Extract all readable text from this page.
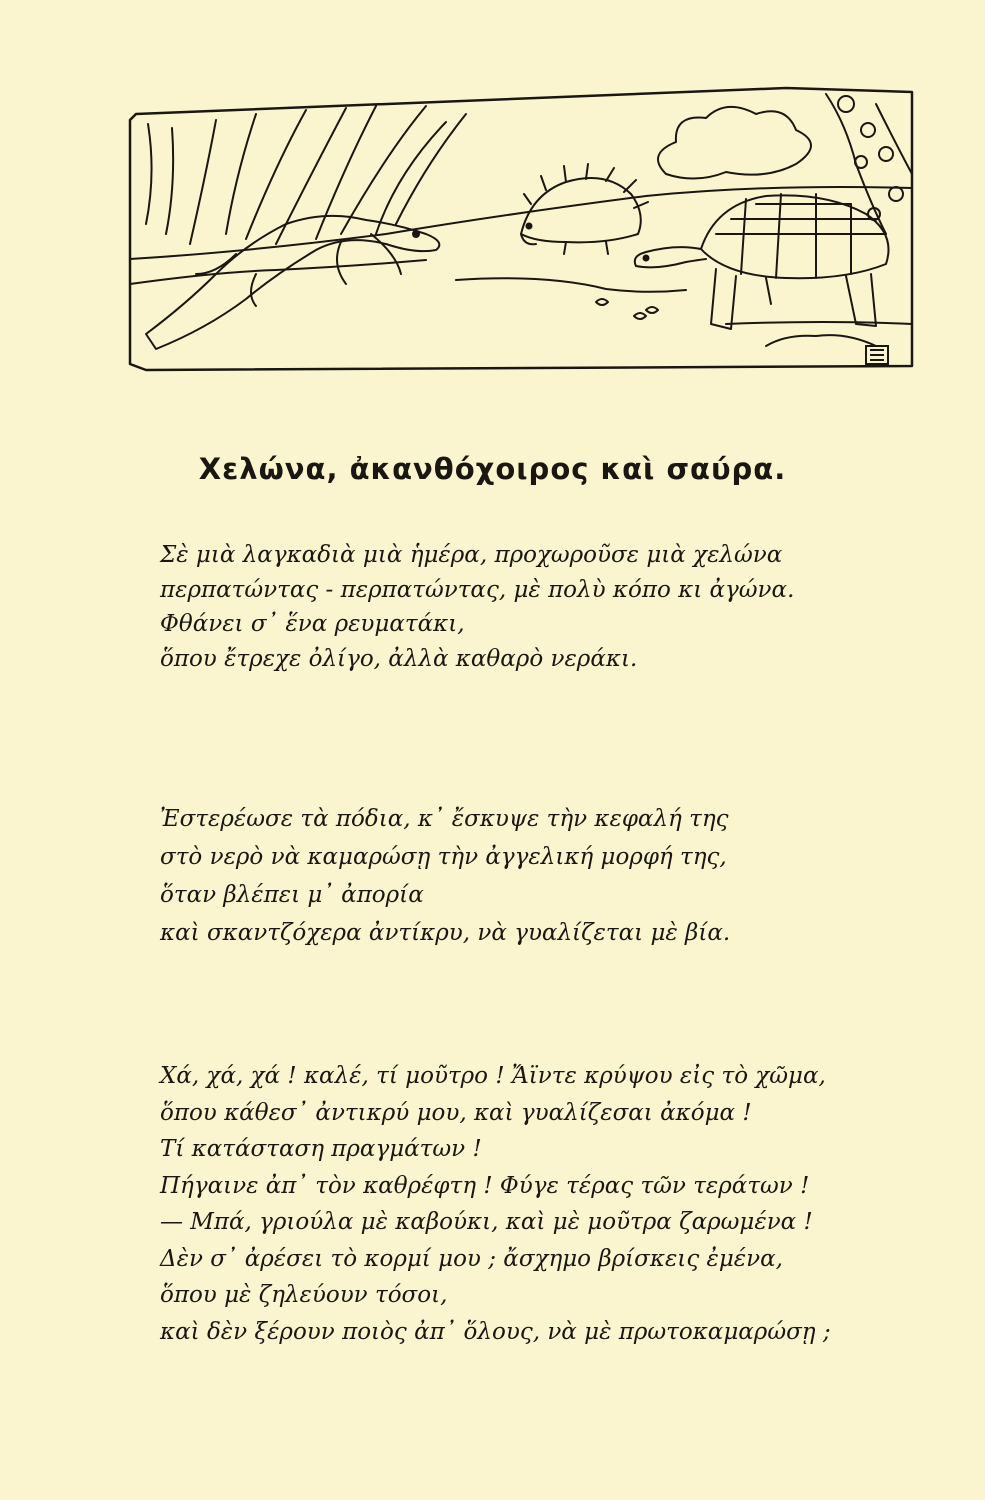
Χελώνα, ἀκανθόχοιρος καὶ σαύρα.
Σὲ μιὰ λαγκαδιὰ μιὰ ἡμέρα, προχωροῦσε μιὰ χελώνα
περπατώντας - περπατώντας, μὲ πολὺ κόπο κι ἀγώνα.
Φθάνει σ᾿ ἕνα ρευματάκι,
ὅπου ἔτρεχε ὀλίγο, ἀλλὰ καθαρὸ νεράκι.
Ἐστερέωσε τὰ πόδια, κ᾿ ἔσκυψε τὴν κεφαλή της
στὸ νερὸ νὰ καμαρώσῃ τὴν ἀγγελική μορφή της,
ὅταν βλέπει μ᾿ ἀπορία
καὶ σκαντζόχερα ἀντίκρυ, νὰ γυαλίζεται μὲ βία.
Χά, χά, χά ! καλέ, τί μοῦτρο ! Ἄϊντε κρύψου εἰς τὸ χῶμα,
ὅπου κάθεσ᾿ ἀντικρύ μου, καὶ γυαλίζεσαι ἀκόμα !
Τί κατάσταση πραγμάτων !
Πήγαινε ἀπ᾿ τὸν καθρέφτη ! Φύγε τέρας τῶν τεράτων !
— Μπά, γριούλα μὲ καβούκι, καὶ μὲ μοῦτρα ζαρωμένα !
Δὲν σ᾿ ἀρέσει τὸ κορμί μου ; ἄσχημο βρίσκεις ἐμένα,
ὅπου μὲ ζηλεύουν τόσοι,
καὶ δὲν ξέρουν ποιὸς ἀπ᾿ ὅλους, νὰ μὲ πρωτοκαμαρώσῃ ;
